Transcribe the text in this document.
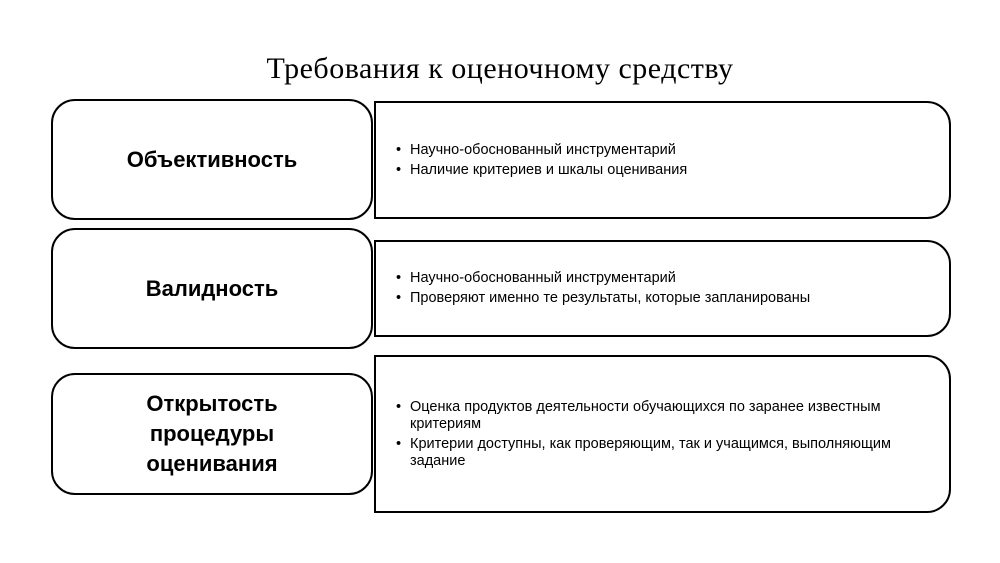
Требования к оценочному средству
• Научно-обоснованный инструментарий
• Наличие критериев и шкалы оценивания
Объективность
• Научно-обоснованный инструментарий
• Проверяют именно те результаты, которые запланированы
Валидность
• Оценка продуктов деятельности обучающихся по заранее известным критериям
• Критерии доступны, как проверяющим, так и учащимся, выполняющим задание
Открытость
процедуры
оценивания
